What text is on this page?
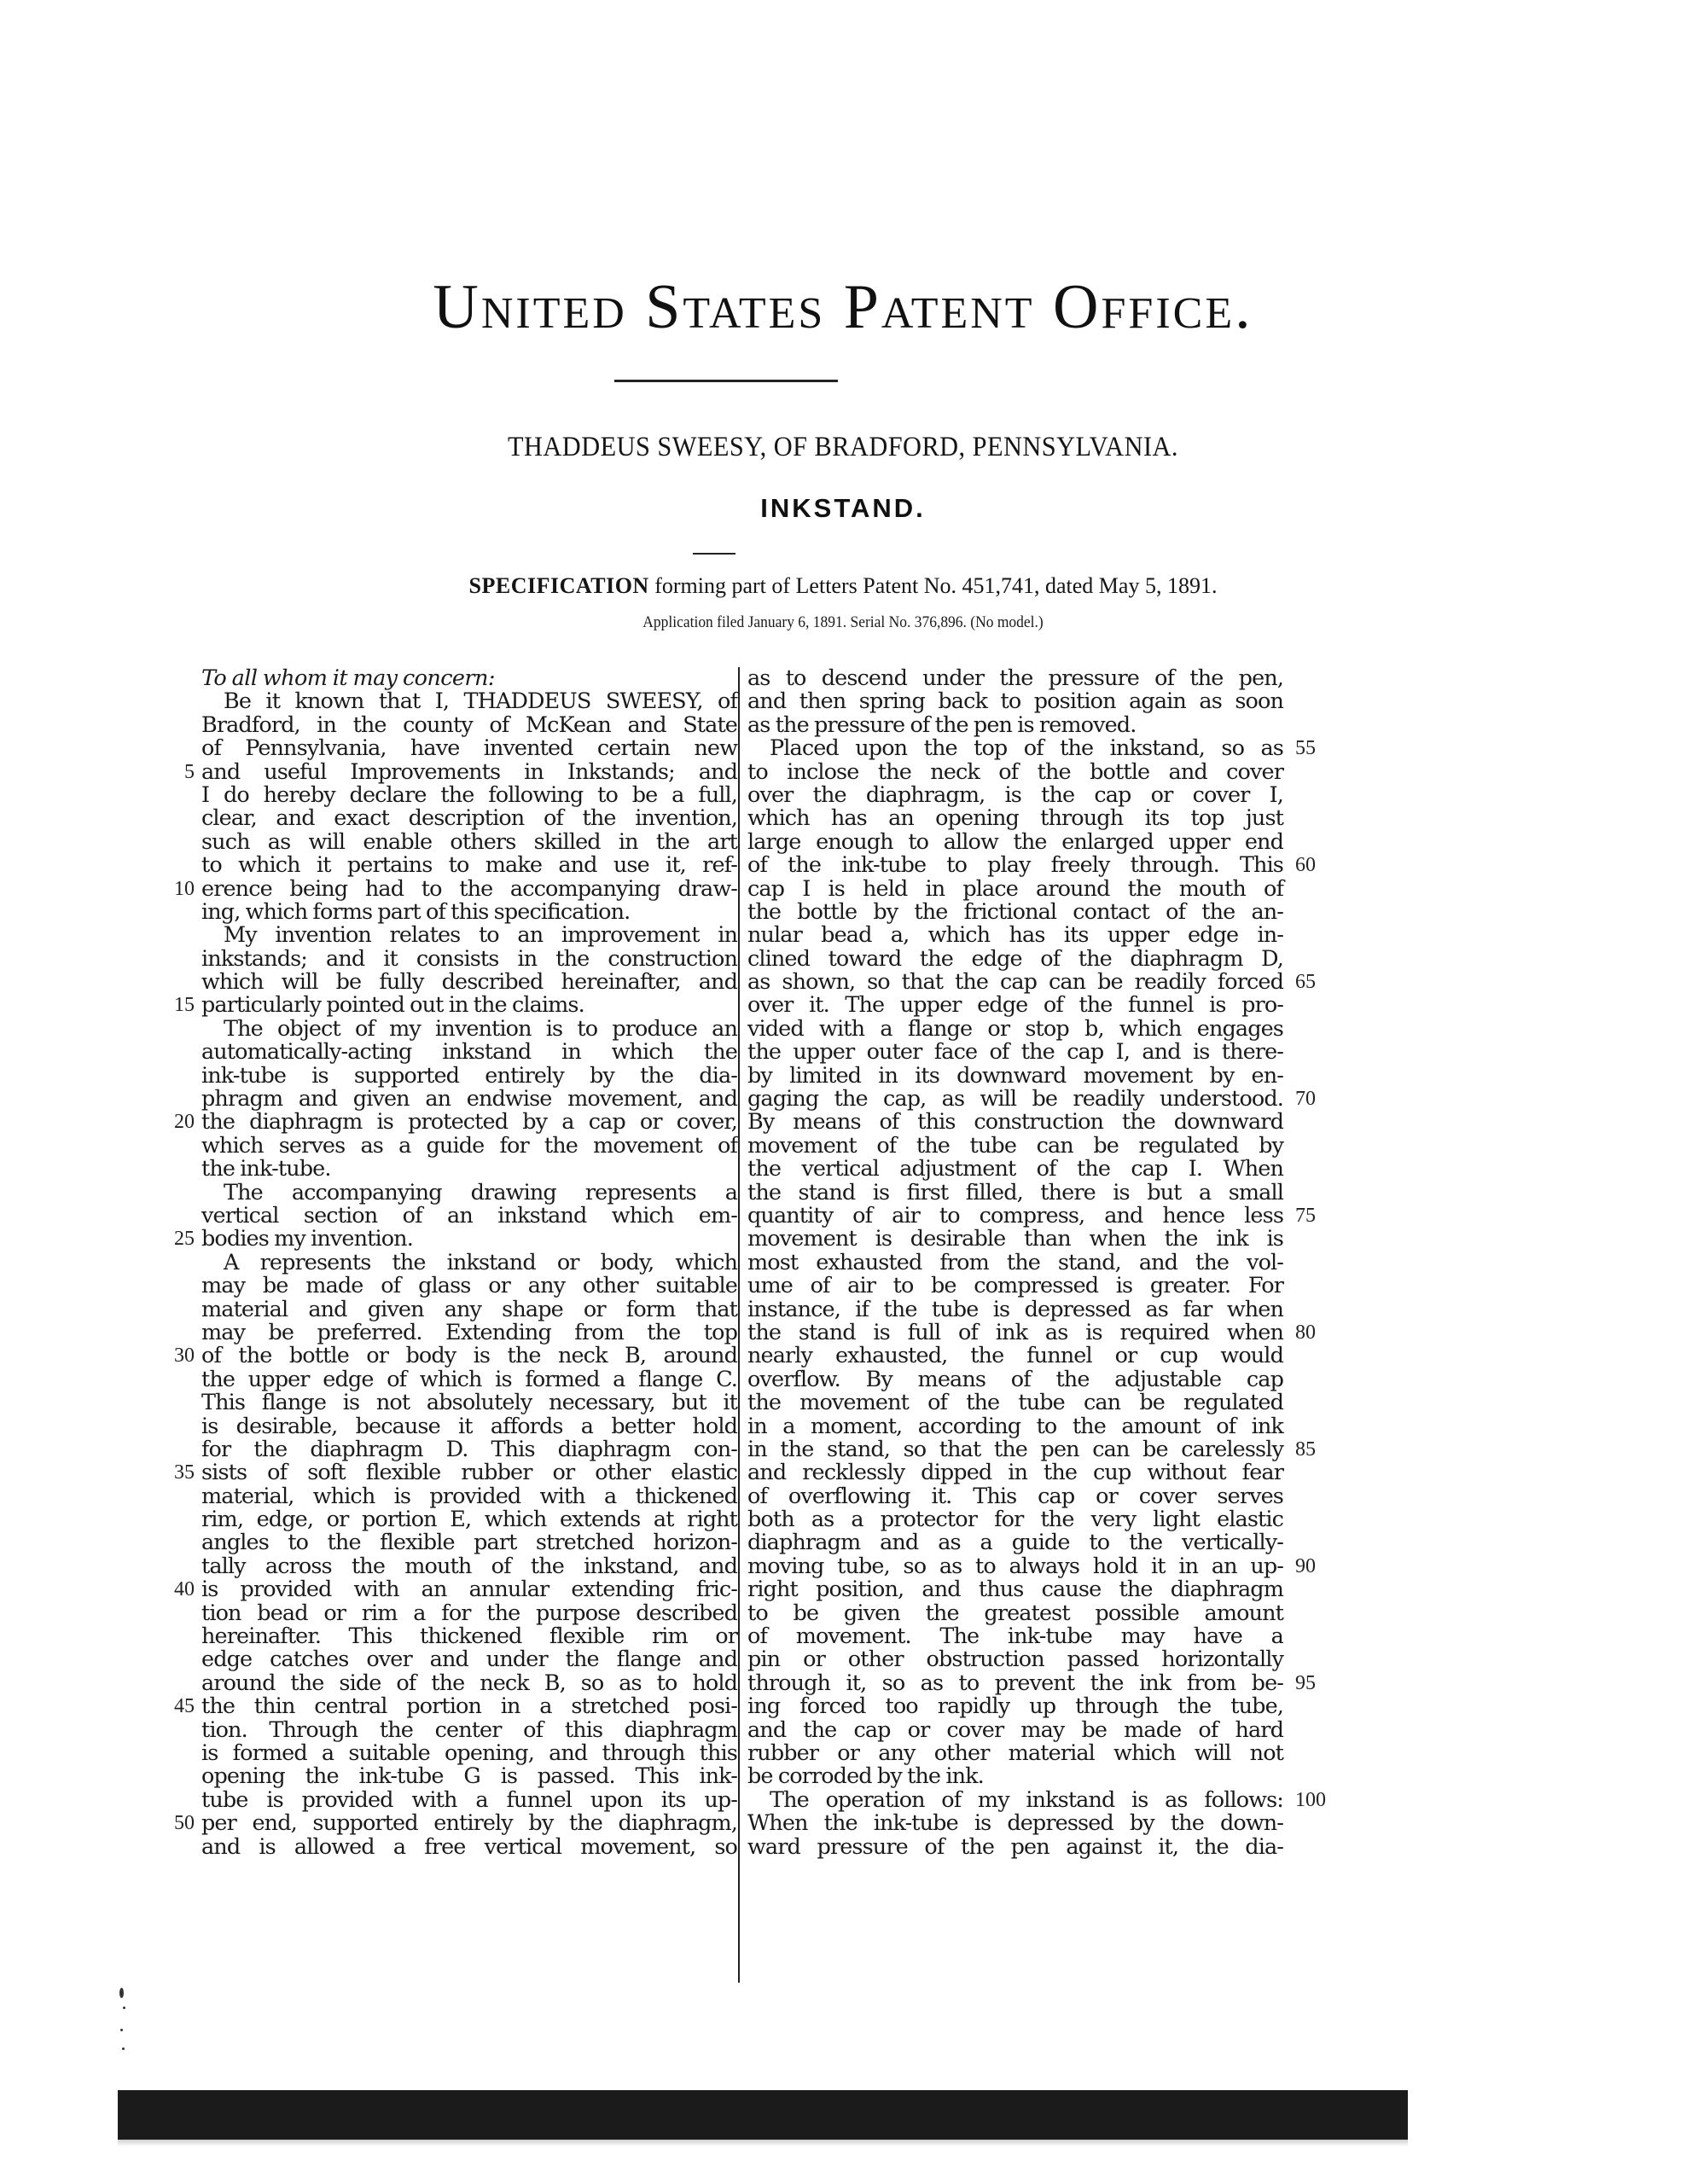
United States Patent Office.
THADDEUS SWEESY, OF BRADFORD, PENNSYLVANIA.
INKSTAND.
SPECIFICATION forming part of Letters Patent No. 451,741, dated May 5, 1891.
Application filed January 6, 1891. Serial No. 376,896. (No model.)
To all whom it may concern:
Be it known that I, THADDEUS SWEESY, of
Bradford, in the county of McKean and State
of Pennsylvania, have invented certain new
and useful Improvements in Inkstands; and
5
I do hereby declare the following to be a full,
clear, and exact description of the invention,
such as will enable others skilled in the art
to which it pertains to make and use it, ref-
erence being had to the accompanying draw-
10
ing, which forms part of this specification.
My invention relates to an improvement in
inkstands; and it consists in the construction
which will be fully described hereinafter, and
particularly pointed out in the claims.
15
The object of my invention is to produce an
automatically-acting inkstand in which the
ink-tube is supported entirely by the dia-
phragm and given an endwise movement, and
the diaphragm is protected by a cap or cover,
20
which serves as a guide for the movement of
the ink-tube.
The accompanying drawing represents a
vertical section of an inkstand which em-
bodies my invention.
25
A represents the inkstand or body, which
may be made of glass or any other suitable
material and given any shape or form that
may be preferred. Extending from the top
of the bottle or body is the neck B, around
30
the upper edge of which is formed a flange C.
This flange is not absolutely necessary, but it
is desirable, because it affords a better hold
for the diaphragm D. This diaphragm con-
sists of soft flexible rubber or other elastic
35
material, which is provided with a thickened
rim, edge, or portion E, which extends at right
angles to the flexible part stretched horizon-
tally across the mouth of the inkstand, and
is provided with an annular extending fric-
40
tion bead or rim a for the purpose described
hereinafter. This thickened flexible rim or
edge catches over and under the flange and
around the side of the neck B, so as to hold
the thin central portion in a stretched posi-
45
tion. Through the center of this diaphragm
is formed a suitable opening, and through this
opening the ink-tube G is passed. This ink-
tube is provided with a funnel upon its up-
per end, supported entirely by the diaphragm,
50
and is allowed a free vertical movement, so
as to descend under the pressure of the pen,
and then spring back to position again as soon
as the pressure of the pen is removed.
Placed upon the top of the inkstand, so as 55
to inclose the neck of the bottle and cover
over the diaphragm, is the cap or cover I,
which has an opening through its top just
large enough to allow the enlarged upper end
of the ink-tube to play freely through. This 60
cap I is held in place around the mouth of
the bottle by the frictional contact of the an-
nular bead a, which has its upper edge in-
clined toward the edge of the diaphragm D,
as shown, so that the cap can be readily forced 65
over it. The upper edge of the funnel is pro-
vided with a flange or stop b, which engages
the upper outer face of the cap I, and is there-
by limited in its downward movement by en-
gaging the cap, as will be readily understood. 70
By means of this construction the downward
movement of the tube can be regulated by
the vertical adjustment of the cap I. When
the stand is first filled, there is but a small
quantity of air to compress, and hence less 75
movement is desirable than when the ink is
most exhausted from the stand, and the vol-
ume of air to be compressed is greater. For
instance, if the tube is depressed as far when
the stand is full of ink as is required when 80
nearly exhausted, the funnel or cup would
overflow. By means of the adjustable cap
the movement of the tube can be regulated
in a moment, according to the amount of ink
in the stand, so that the pen can be carelessly 85
and recklessly dipped in the cup without fear
of overflowing it. This cap or cover serves
both as a protector for the very light elastic
diaphragm and as a guide to the vertically-
moving tube, so as to always hold it in an up- 90
right position, and thus cause the diaphragm
to be given the greatest possible amount
of movement. The ink-tube may have a
pin or other obstruction passed horizontally
through it, so as to prevent the ink from be- 95
ing forced too rapidly up through the tube,
and the cap or cover may be made of hard
rubber or any other material which will not
be corroded by the ink.
The operation of my inkstand is as follows: 100
When the ink-tube is depressed by the down-
ward pressure of the pen against it, the dia-
